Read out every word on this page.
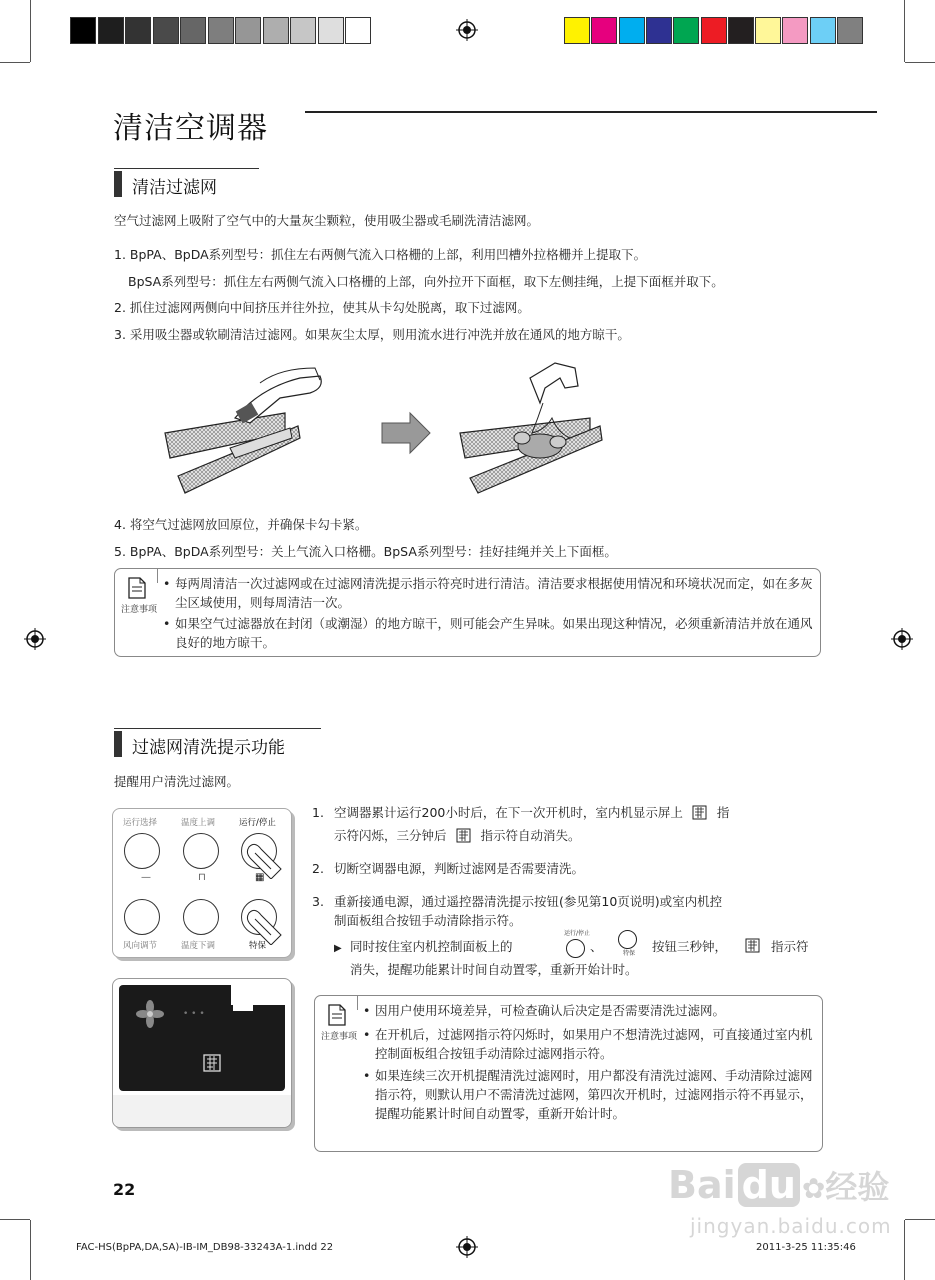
清洁空调器
清洁过滤网
空气过滤网上吸附了空气中的大量灰尘颗粒，使用吸尘器或毛刷洗清洁滤网。
1. BpPA、BpDA系列型号：抓住左右两侧气流入口格栅的上部，利用凹槽外拉格栅并上提取下。
BpSA系列型号：抓住左右两侧气流入口格栅的上部，向外拉开下面框，取下左侧挂绳，上提下面框并取下。
2. 抓住过滤网两侧向中间挤压并往外拉，使其从卡勾处脱离，取下过滤网。
3. 采用吸尘器或软刷清洁过滤网。如果灰尘太厚，则用流水进行冲洗并放在通风的地方晾干。
4. 将空气过滤网放回原位，并确保卡勾卡紧。
5. BpPA、BpDA系列型号：关上气流入口格栅。BpSA系列型号：挂好挂绳并关上下面框。
注意事项
• 每两周清洁一次过滤网或在过滤网清洗提示指示符亮时进行清洁。清洁要求根据使用情况和环境状况而定，如在多灰尘区域使用，则每周清洁一次。
• 如果空气过滤器放在封闭（或潮湿）的地方晾干，则可能会产生异味。如果出现这种情况，必须重新清洁并放在通风良好的地方晾干。
过滤网清洗提示功能
提醒用户清洗过滤网。
运行选择	温度上调	运行/停止
—	⊓	▦
风向调节	温度下调	特保
• • •
1. 空调器累计运行200小时后，在下一次开机时，室内机显示屏上	指
示符闪烁，三分钟后	指示符自动消失。
2. 切断空调器电源，判断过滤网是否需要清洗。
3. 重新接通电源，通过遥控器清洗提示按钮(参见第10页说明)或室内机控
制面板组合按钮手动清除指示符。
▶ 同时按住室内机控制面板上的
运行/停止
、	特保 按钮三秒钟，	指示符
消失，提醒功能累计时间自动置零，重新开始计时。
注意事项
• 因用户使用环境差异，可检查确认后决定是否需要清洗过滤网。
• 在开机后，过滤网指示符闪烁时，如果用户不想清洗过滤网，可直接通过室内机控制面板组合按钮手动清除过滤网指示符。
• 如果连续三次开机提醒清洗过滤网时，用户都没有清洗过滤网、手动清除过滤网指示符，则默认用户不需清洗过滤网，第四次开机时，过滤网指示符不再显示，提醒功能累计时间自动置零，重新开始计时。
22	Bai du ✿经验
jingyan.baidu.com
FAC-HS(BpPA,DA,SA)-IB-IM_DB98-33243A-1.indd 22	2011-3-25 11:35:46
